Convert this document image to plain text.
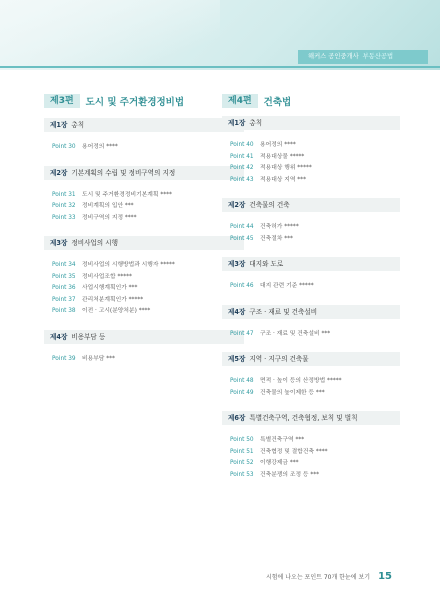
해커스 공인중개사 부동산공법
제3편	도시 및 주거환경정비법
제1장 총칙
Point 30 용어정의 ****
제2장 기본계획의 수립 및 정비구역의 지정
Point 31 도시 및 주거환경정비기본계획 ****
Point 32 정비계획의 입안 ***
Point 33 정비구역의 지정 ****
제3장 정비사업의 시행
Point 34 정비사업의 시행방법과 시행자 *****
Point 35 정비사업조합 *****
Point 36 사업시행계획인가 ***
Point 37 관리처분계획인가 *****
Point 38 이전 · 고시(분양처분) ****
제4장 비용부담 등
Point 39 비용부담 ***
제4편	건축법
제1장 총칙
Point 40 용어정의 ****
Point 41 적용대상물 *****
Point 42 적용대상 행위 *****
Point 43 적용대상 지역 ***
제2장 건축물의 건축
Point 44 건축허가 *****
Point 45 건축절차 ***
제3장 대지와 도로
Point 46 대지 관련 기준 *****
제4장 구조 · 재료 및 건축설비
Point 47 구조 · 재료 및 건축설비 ***
제5장 지역 · 지구의 건축물
Point 48 면적 · 높이 등의 산정방법 *****
Point 49 건축물의 높이제한 등 ***
제6장 특별건축구역, 건축협정, 보칙 및 벌칙
Point 50 특별건축구역 ***
Point 51 건축협정 및 결합건축 ****
Point 52 이행강제금 ***
Point 53 건축분쟁의 조정 등 ***
시험에 나오는 포인트 70개 한눈에 보기 15
